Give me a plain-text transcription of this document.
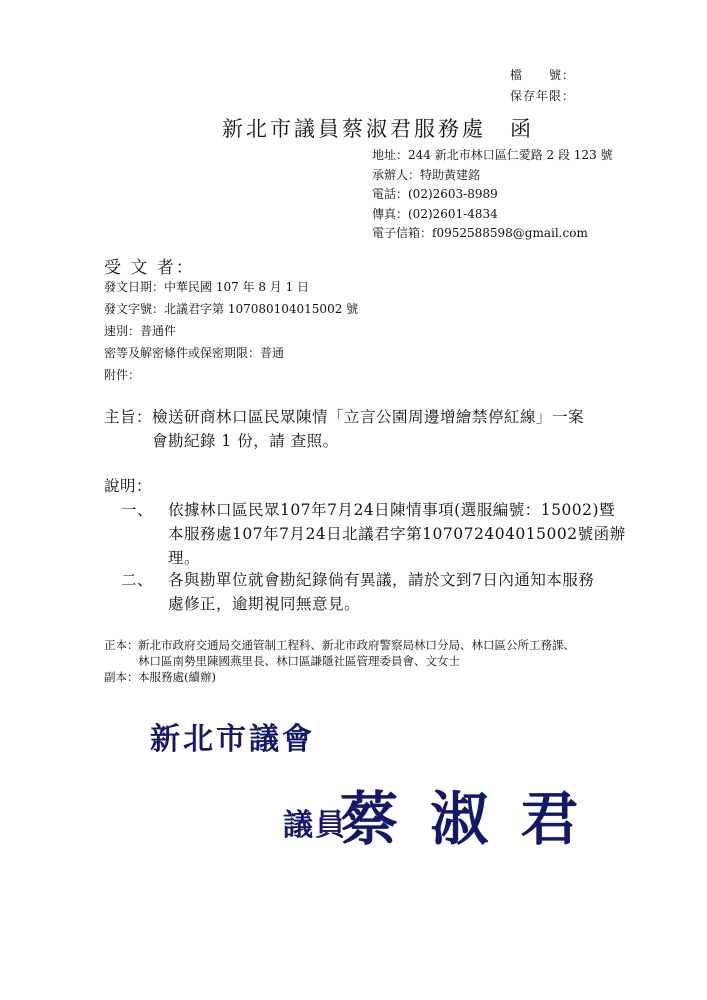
檔　　號：
保存年限：
新北市議員蔡淑君服務處　函
地址：244 新北市林口區仁愛路 2 段 123 號
承辦人：特助黃建銘
電話：(02)2603-8989
傳真：(02)2601-4834
電子信箱：f0952588598@gmail.com
受 文 者：
發文日期：中華民國 107 年 8 月 1 日
發文字號：北議君字第 107080104015002 號
速別：普通件
密等及解密條件或保密期限：普通
附件：
主旨：檢送研商林口區民眾陳情「立言公園周邊增繪禁停紅線」一案
會勘紀錄 1 份，請 查照。
說明：
一、 依據林口區民眾107年7月24日陳情事項(選服編號：15002)暨
本服務處107年7月24日北議君字第107072404015002號函辦
理。
二、 各與勘單位就會勘紀錄倘有異議，請於文到7日內通知本服務
處修正，逾期視同無意見。
正本： 新北市政府交通局交通管制工程科、新北市政府警察局林口分局、林口區公所工務課、
林口區南勢里陳國燕里長、林口區謙隱社區管理委員會、文女士
副本： 本服務處(續辦)
新北市議會
議員
蔡 淑 君
